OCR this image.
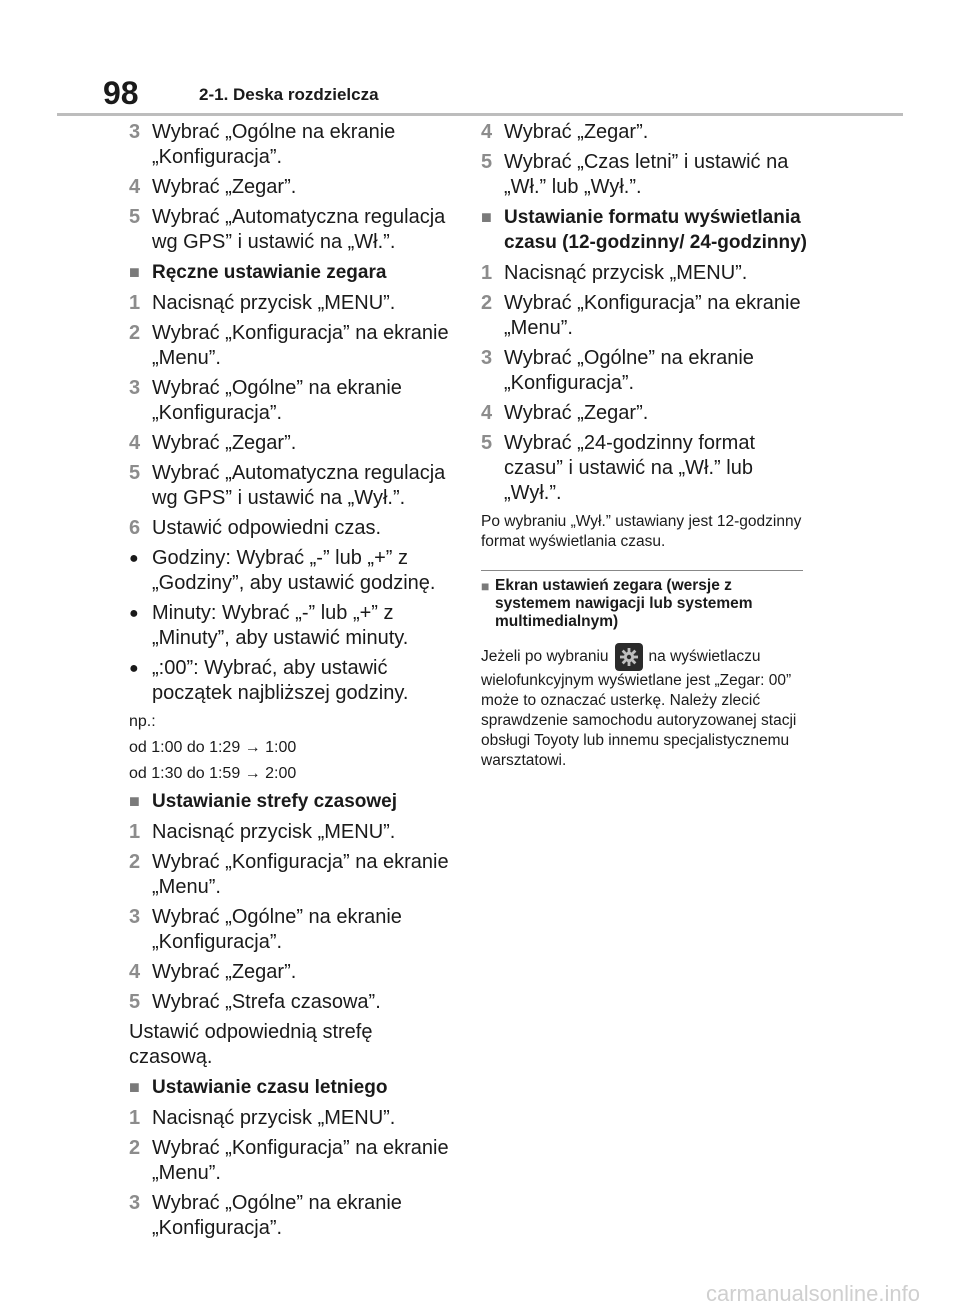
98	2-1. Deska rozdzielcza
3 Wybrać „Ogólne na ekranie „Konfiguracja”.
4 Wybrać „Zegar”.
5 Wybrać „Automatyczna regulacja wg GPS” i ustawić na „Wł.”.
■ Ręczne ustawianie zegara
1 Nacisnąć przycisk „MENU”.
2 Wybrać „Konfiguracja” na ekranie „Menu”.
3 Wybrać „Ogólne” na ekranie „Konfiguracja”.
4 Wybrać „Zegar”.
5 Wybrać „Automatyczna regulacja wg GPS” i ustawić na „Wył.”.
6 Ustawić odpowiedni czas.
● Godziny: Wybrać „-” lub „+” z „Godziny”, aby ustawić godzinę.
● Minuty: Wybrać „-” lub „+” z „Minuty”, aby ustawić minuty.
● „:00”: Wybrać, aby ustawić początek najbliższej godziny.
np.:
od 1:00 do 1:29 → 1:00
od 1:30 do 1:59 → 2:00
■ Ustawianie strefy czasowej
1 Nacisnąć przycisk „MENU”.
2 Wybrać „Konfiguracja” na ekranie „Menu”.
3 Wybrać „Ogólne” na ekranie „Konfiguracja”.
4 Wybrać „Zegar”.
5 Wybrać „Strefa czasowa”.
Ustawić odpowiednią strefę czasową.
■ Ustawianie czasu letniego
1 Nacisnąć przycisk „MENU”.
2 Wybrać „Konfiguracja” na ekranie „Menu”.
3 Wybrać „Ogólne” na ekranie „Konfiguracja”.
4 Wybrać „Zegar”.
5 Wybrać „Czas letni” i ustawić na „Wł.” lub „Wył.”.
■ Ustawianie formatu wyświetlania czasu (12-godzinny/ 24-godzinny)
1 Nacisnąć przycisk „MENU”.
2 Wybrać „Konfiguracja” na ekranie „Menu”.
3 Wybrać „Ogólne” na ekranie „Konfiguracja”.
4 Wybrać „Zegar”.
5 Wybrać „24-godzinny format czasu” i ustawić na „Wł.” lub „Wył.”.
Po wybraniu „Wył.” ustawiany jest 12-godzinny format wyświetlania czasu.
■ Ekran ustawień zegara (wersje z systemem nawigacji lub systemem multimedialnym)
Jeżeli po wybraniu	na wyświetlaczu wielofunkcyjnym wyświetlane jest „Zegar: 00” może to oznaczać usterkę. Należy zlecić sprawdzenie samochodu autoryzowanej stacji obsługi Toyoty lub innemu specjalistycznemu warsztatowi.
carmanualsonline.info
